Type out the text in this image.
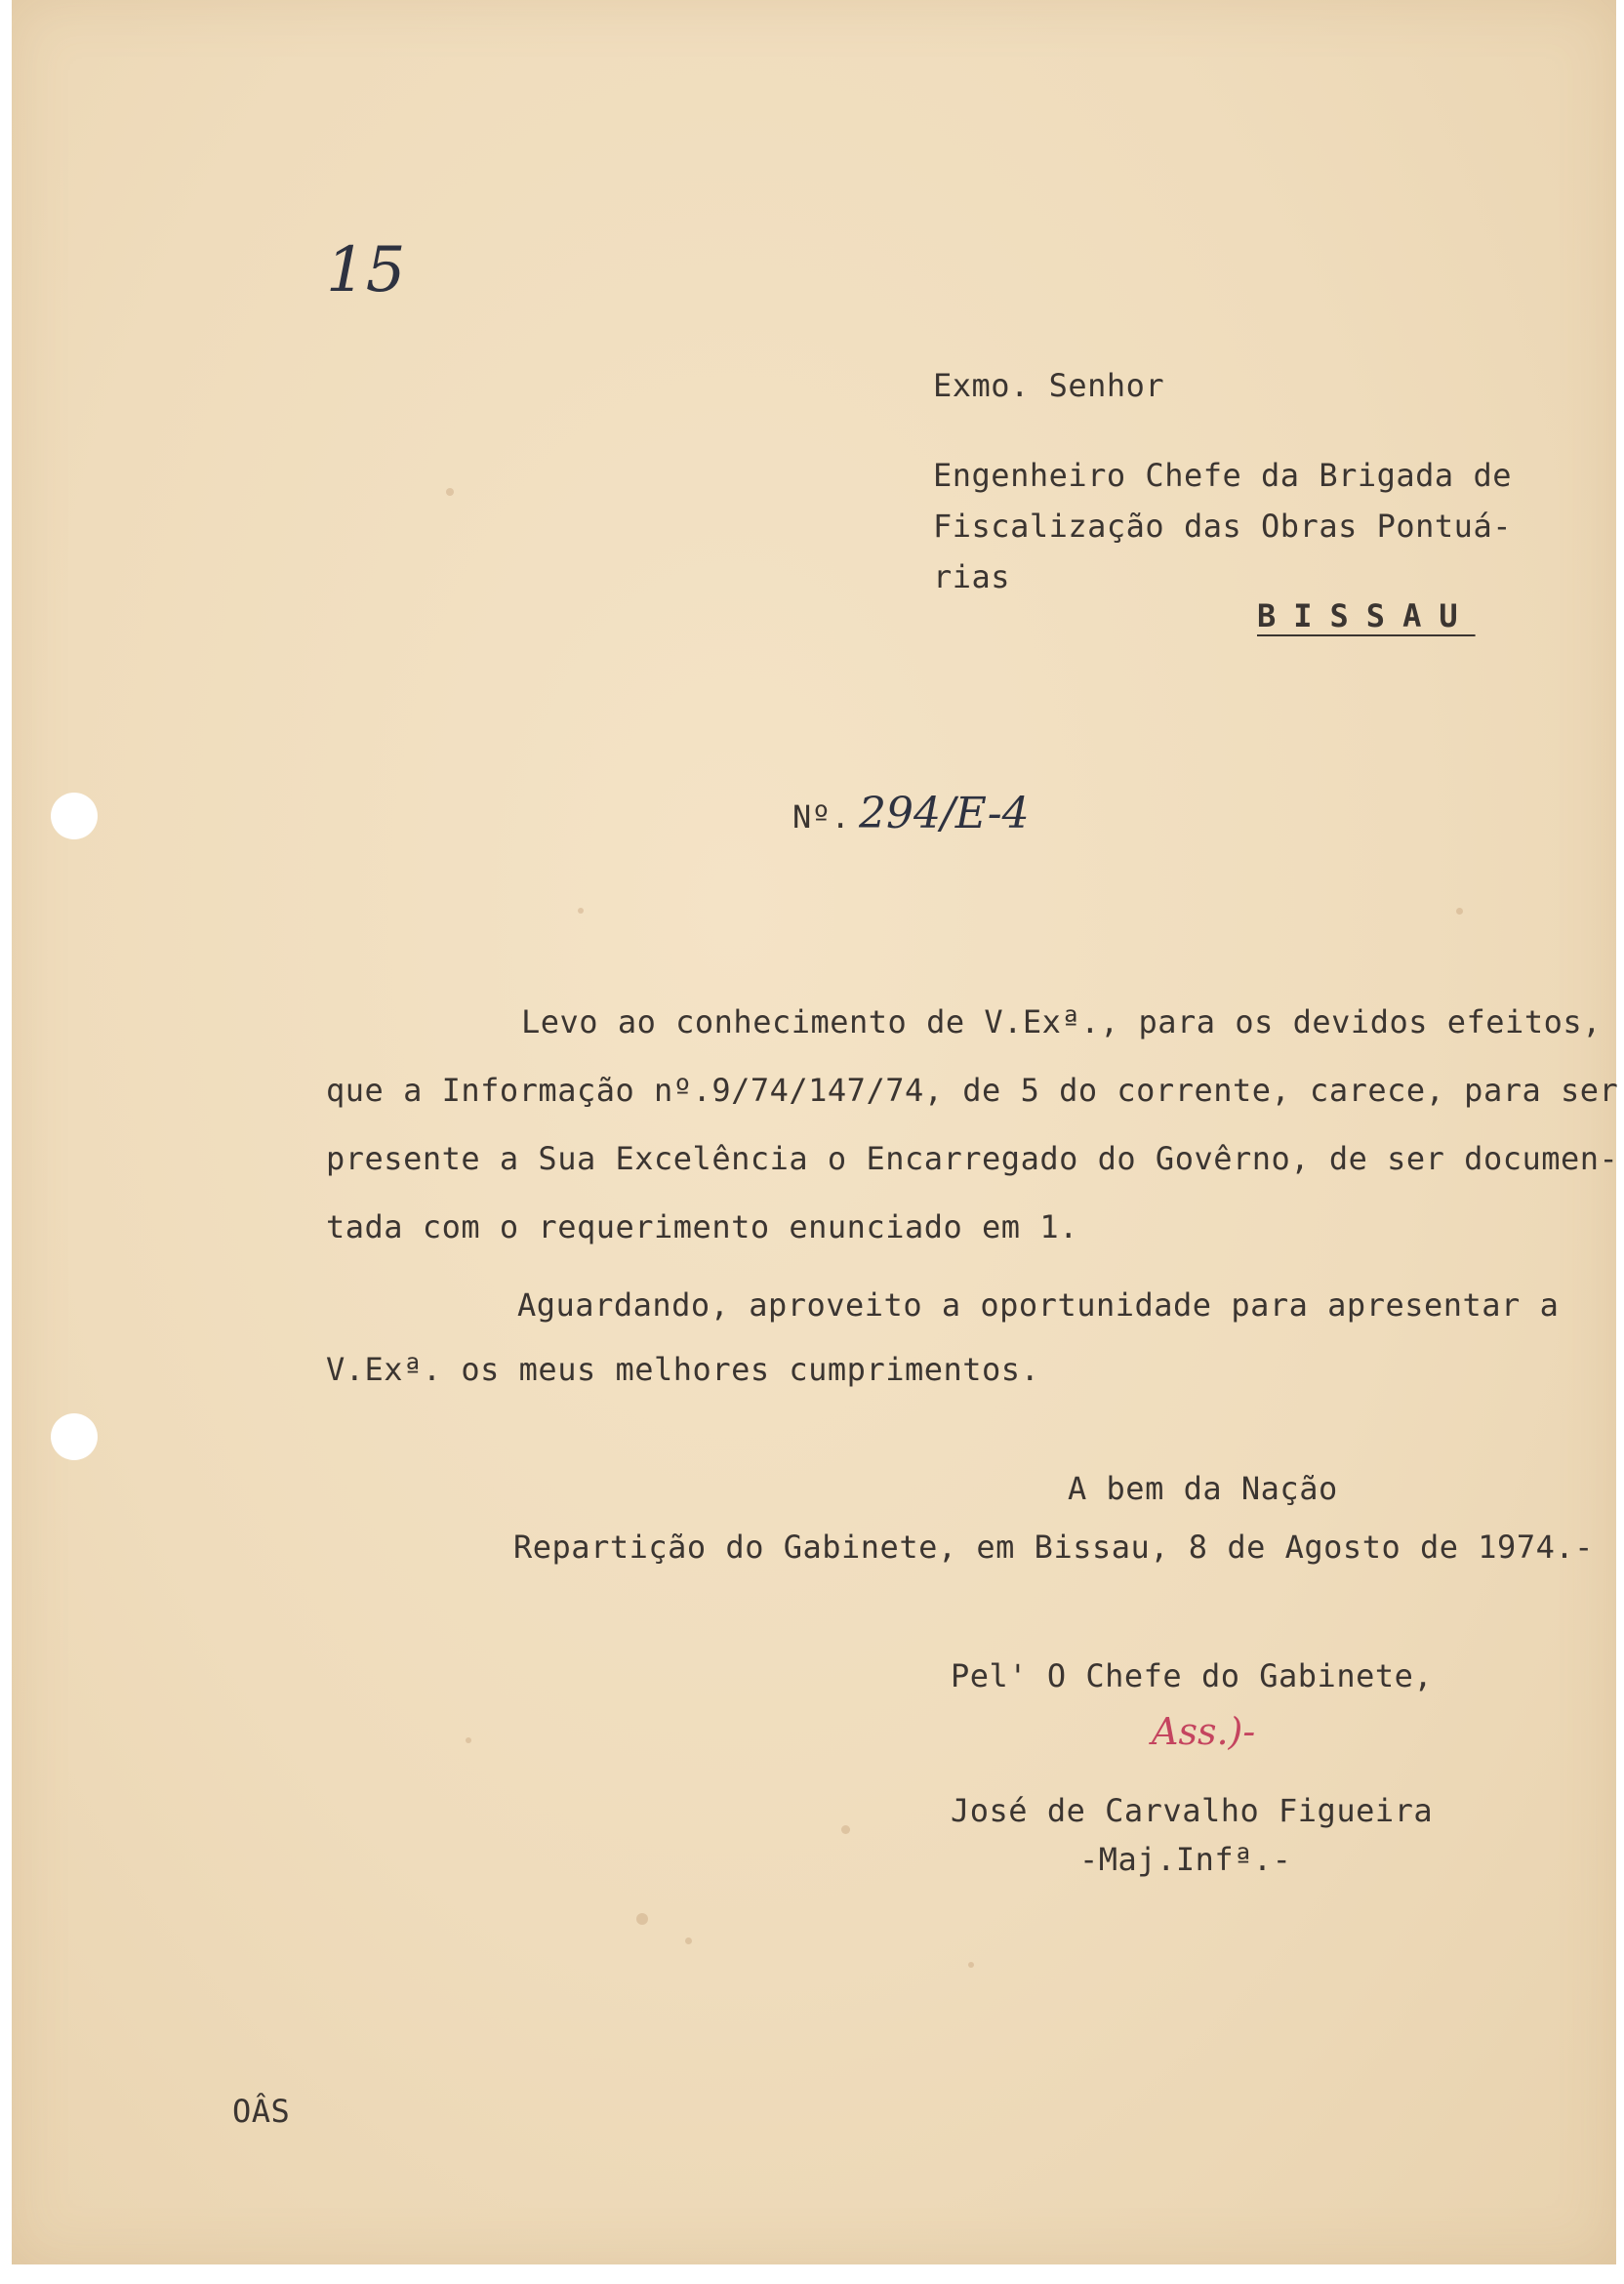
15

Exmo. Senhor

Engenheiro Chefe da Brigada de

Fiscalização das Obras Pontuá-

rias

BISSAU

Nº. 294/E-4

Levo ao conhecimento de V.Exª., para os devidos efeitos,

que a Informação nº.9/74/147/74, de 5 do corrente, carece, para ser

presente a Sua Excelência o Encarregado do Govêrno, de ser documen-

tada com o requerimento enunciado em 1.

Aguardando, aproveito a oportunidade para apresentar a

V.Exª. os meus melhores cumprimentos.

A bem da Nação

Repartição do Gabinete, em Bissau, 8 de Agosto de 1974.-

Pel' O Chefe do Gabinete,

Ass.)-

José de Carvalho Figueira

-Maj.Infª.-

OÂS
